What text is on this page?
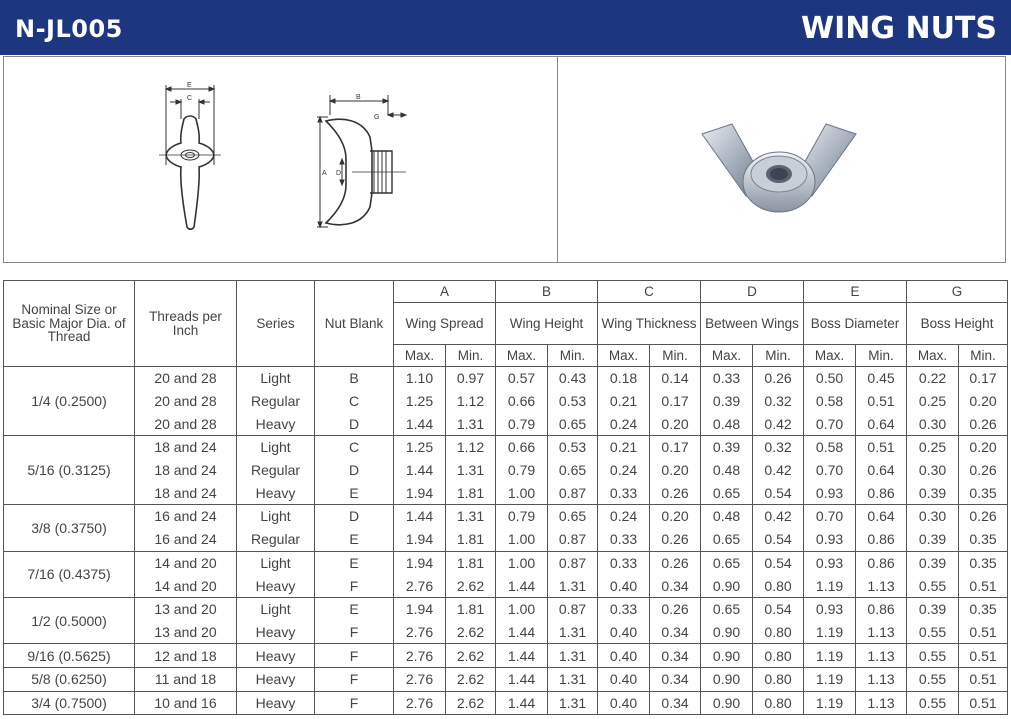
N-JL005	WING NUTS
E
C	B
G
A D
Nominal Size or Basic Major Dia. of Thread	Threads per Inch	Series	Nut Blank	A		B		C		D		E		G	
				Wing Spread		Wing Height		Wing Thickness		Between Wings		Boss Diameter		Boss Height	
				Max.	Min.	Max.	Min.	Max.	Min.	Max.	Min.	Max.	Min.	Max.	Min.
1/4 (0.2500)	20 and 28	Light	B	1.10	0.97	0.57	0.43	0.18	0.14	0.33	0.26	0.50	0.45	0.22	0.17
	20 and 28	Regular	C	1.25	1.12	0.66	0.53	0.21	0.17	0.39	0.32	0.58	0.51	0.25	0.20
	20 and 28	Heavy	D	1.44	1.31	0.79	0.65	0.24	0.20	0.48	0.42	0.70	0.64	0.30	0.26
5/16 (0.3125)	18 and 24	Light	C	1.25	1.12	0.66	0.53	0.21	0.17	0.39	0.32	0.58	0.51	0.25	0.20
	18 and 24	Regular	D	1.44	1.31	0.79	0.65	0.24	0.20	0.48	0.42	0.70	0.64	0.30	0.26
	18 and 24	Heavy	E	1.94	1.81	1.00	0.87	0.33	0.26	0.65	0.54	0.93	0.86	0.39	0.35
3/8 (0.3750)	16 and 24	Light	D	1.44	1.31	0.79	0.65	0.24	0.20	0.48	0.42	0.70	0.64	0.30	0.26
	16 and 24	Regular	E	1.94	1.81	1.00	0.87	0.33	0.26	0.65	0.54	0.93	0.86	0.39	0.35
7/16 (0.4375)	14 and 20	Light	E	1.94	1.81	1.00	0.87	0.33	0.26	0.65	0.54	0.93	0.86	0.39	0.35
	14 and 20	Heavy	F	2.76	2.62	1.44	1.31	0.40	0.34	0.90	0.80	1.19	1.13	0.55	0.51
1/2 (0.5000)	13 and 20	Light	E	1.94	1.81	1.00	0.87	0.33	0.26	0.65	0.54	0.93	0.86	0.39	0.35
	13 and 20	Heavy	F	2.76	2.62	1.44	1.31	0.40	0.34	0.90	0.80	1.19	1.13	0.55	0.51
9/16 (0.5625)	12 and 18	Heavy	F	2.76	2.62	1.44	1.31	0.40	0.34	0.90	0.80	1.19	1.13	0.55	0.51
5/8 (0.6250)	11 and 18	Heavy	F	2.76	2.62	1.44	1.31	0.40	0.34	0.90	0.80	1.19	1.13	0.55	0.51
3/4 (0.7500)	10 and 16	Heavy	F	2.76	2.62	1.44	1.31	0.40	0.34	0.90	0.80	1.19	1.13	0.55	0.51
